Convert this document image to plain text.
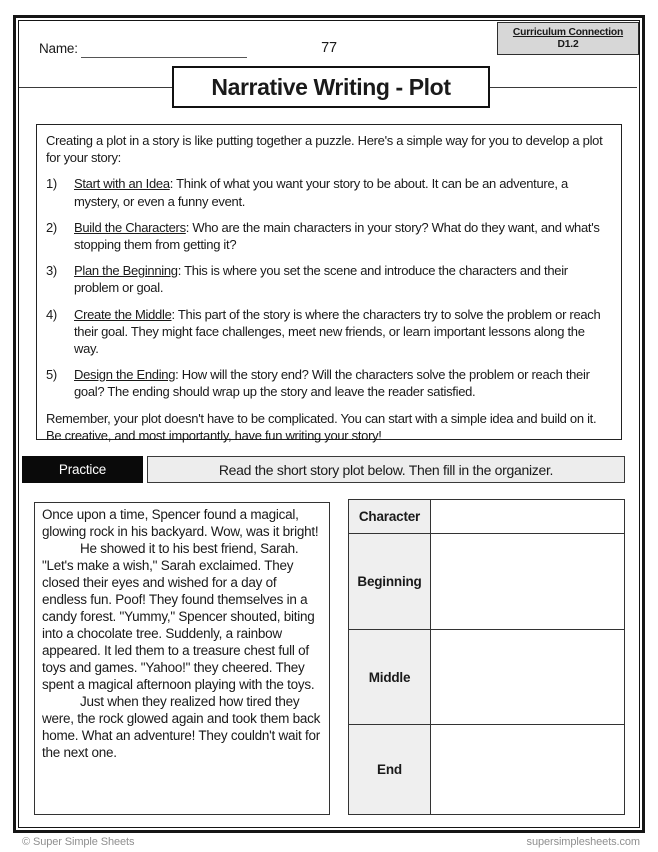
Name:	77
Curriculum Connection
D1.2
Narrative Writing - Plot

Creating a plot in a story is like putting together a puzzle. Here's a simple way for you to develop a plot for your story:

1)	Start with an Idea: Think of what you want your story to be about. It can be an adventure, a mystery, or even a funny event.
2)	Build the Characters: Who are the main characters in your story? What do they want, and what's stopping them from getting it?
3)	Plan the Beginning: This is where you set the scene and introduce the characters and their problem or goal.
4)	Create the Middle: This part of the story is where the characters try to solve the problem or reach their goal. They might face challenges, meet new friends, or learn important lessons along the way.
5)	Design the Ending: How will the story end? Will the characters solve the problem or reach their goal? The ending should wrap up the story and leave the reader satisfied.

Remember, your plot doesn't have to be complicated. You can start with a simple idea and build on it. Be creative, and most importantly, have fun writing your story!

Practice	Read the short story plot below. Then fill in the organizer.

Once upon a time, Spencer found a magical, glowing rock in his backyard. Wow, was it bright!

He showed it to his best friend, Sarah. "Let's make a wish," Sarah exclaimed. They closed their eyes and wished for a day of endless fun. Poof! They found themselves in a candy forest. "Yummy," Spencer shouted, biting into a chocolate tree. Suddenly, a rainbow appeared. It led them to a treasure chest full of toys and games. "Yahoo!" they cheered. They spent a magical afternoon playing with the toys.

Just when they realized how tired they were, the rock glowed again and took them back home. What an adventure! They couldn't wait for the next one.

Character
Beginning
Middle
End
© Super Simple Sheets	supersimplesheets.com
